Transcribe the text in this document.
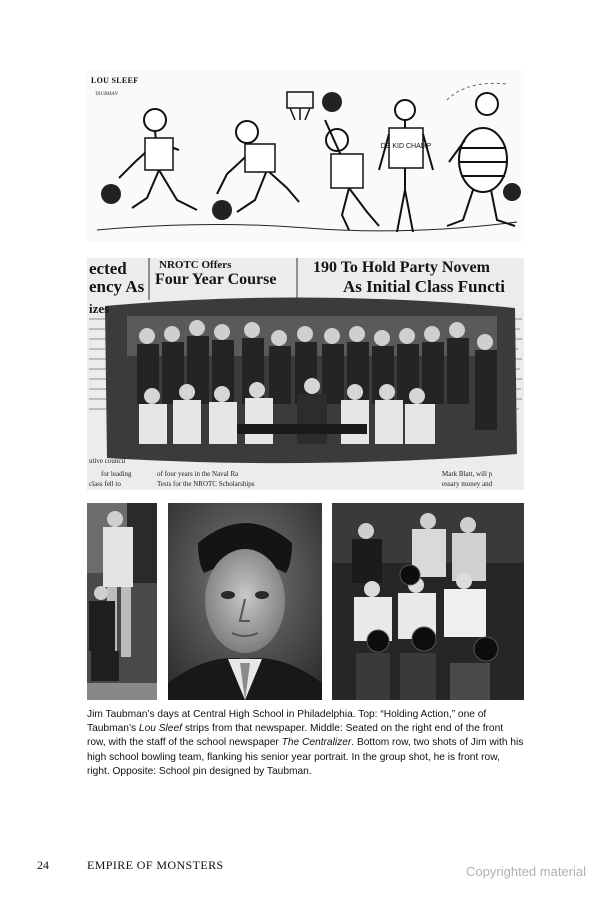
DE KID CHAMP
LOU SLEEF
TAUBMAN
ected
ency As
izes
NROTC Offers
Four Year Course
190 To Hold Party Novem
As Initial Class Functi
utive council
for leading
class fell to
of four years in the Naval Ra
Tests for the NROTC Scholarships
Mark Blatt, will p
essary money and
Jim Taubman’s days at Central High School in Philadelphia. Top: “Holding Action,” one of Taubman’s Lou Sleef strips from that newspaper. Middle: Seated on the right end of the front row, with the staff of the school newspaper The Centralizer. Bottom row, two shots of Jim with his high school bowling team, flanking his senior year portrait. In the group shot, he is front row, right. Opposite: School pin designed by Taubman.
24	EMPIRE OF MONSTERS	Copyrighted material
